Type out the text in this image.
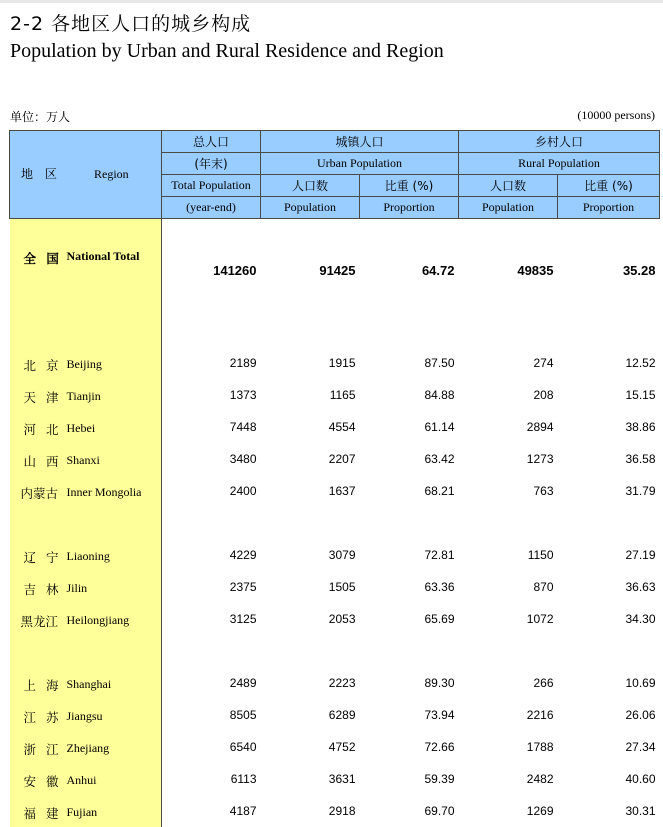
2-2 各地区人口的城乡构成
Population by Urban and Rural Residence and Region
单位：万人	(10000 persons)
地 区 Region	总人口	城镇人口		乡村人口	
	(年末)	Urban Population		Rural Population	
	Total Population	人口数	比重 (%)	人口数	比重 (%)
	(year-end)	Population	Proportion	Population	Proportion

全 国 National Total	141260	91425	64.72	49835	35.28

北 京 Beijing	2189	1915	87.50	274	12.52

天 津 Tianjin	1373	1165	84.88	208	15.15

河 北 Hebei	7448	4554	61.14	2894	38.86

山 西 Shanxi	3480	2207	63.42	1273	36.58

内蒙古 Inner Mongolia	2400	1637	68.21	763	31.79

辽 宁 Liaoning	4229	3079	72.81	1150	27.19

吉 林 Jilin	2375	1505	63.36	870	36.63

黑龙江 Heilongjiang	3125	2053	65.69	1072	34.30

上 海 Shanghai	2489	2223	89.30	266	10.69

江 苏 Jiangsu	8505	6289	73.94	2216	26.06

浙 江 Zhejiang	6540	4752	72.66	1788	27.34

安 徽 Anhui	6113	3631	59.39	2482	40.60

福 建 Fujian	4187	2918	69.70	1269	30.31
